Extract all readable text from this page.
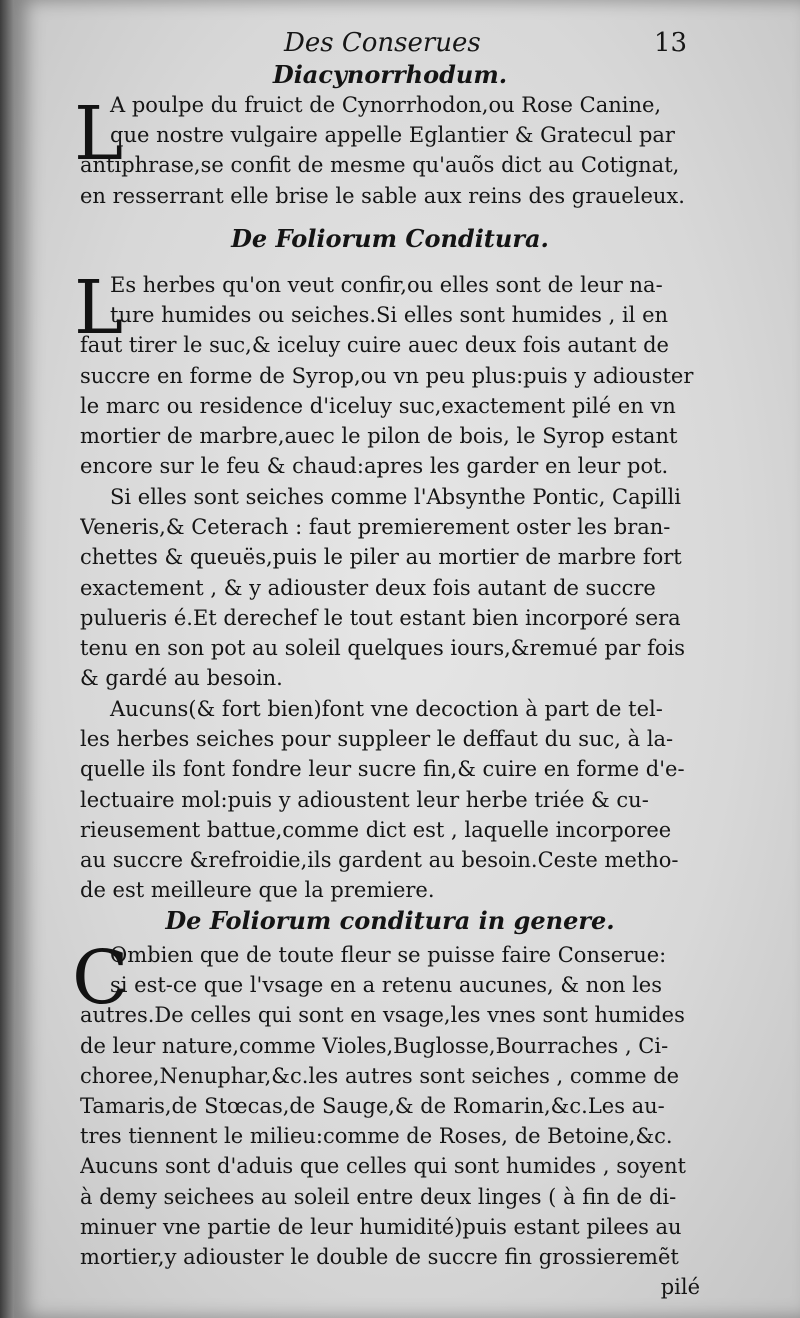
Des Conserues	13
Diacynorrhodum.
L
A poulpe du fruict de Cynorrhodon,ou Rose Canine,
que nostre vulgaire appelle Eglantier & Gratecul par
antiphrase,se confit de mesme qu'auõs dict au Cotignat,
en resserrant elle brise le sable aux reins des graueleux.
De Foliorum Conditura.
L
Es herbes qu'on veut confir,ou elles sont de leur na-
ture humides ou seiches.Si elles sont humides , il en
faut tirer le suc,& iceluy cuire auec deux fois autant de
succre en forme de Syrop,ou vn peu plus:puis y adiouster
le marc ou residence d'iceluy suc,exactement pilé en vn
mortier de marbre,auec le pilon de bois, le Syrop estant
encore sur le feu & chaud:apres les garder en leur pot.
Si elles sont seiches comme l'Absynthe Pontic, Capilli
Veneris,& Ceterach : faut premierement oster les bran-
chettes & queuës,puis le piler au mortier de marbre fort
exactement , & y adiouster deux fois autant de succre
pulueris é.Et derechef le tout estant bien incorporé sera
tenu en son pot au soleil quelques iours,&remué par fois
& gardé au besoin.
Aucuns(& fort bien)font vne decoction à part de tel-
les herbes seiches pour suppleer le deffaut du suc, à la-
quelle ils font fondre leur sucre fin,& cuire en forme d'e-
lectuaire mol:puis y adioustent leur herbe triée & cu-
rieusement battue,comme dict est , laquelle incorporee
au succre &refroidie,ils gardent au besoin.Ceste metho-
de est meilleure que la premiere.
De Foliorum conditura in genere.
C
Ombien que de toute fleur se puisse faire Conserue:
si est-ce que l'vsage en a retenu aucunes, & non les
autres.De celles qui sont en vsage,les vnes sont humides
de leur nature,comme Violes,Buglosse,Bourraches , Ci-
choree,Nenuphar,&c.les autres sont seiches , comme de
Tamaris,de Stœcas,de Sauge,& de Romarin,&c.Les au-
tres tiennent le milieu:comme de Roses, de Betoine,&c.
Aucuns sont d'aduis que celles qui sont humides , soyent
à demy seichees au soleil entre deux linges ( à fin de di-
minuer vne partie de leur humidité)puis estant pilees au
mortier,y adiouster le double de succre fin grossieremẽt
pilé
